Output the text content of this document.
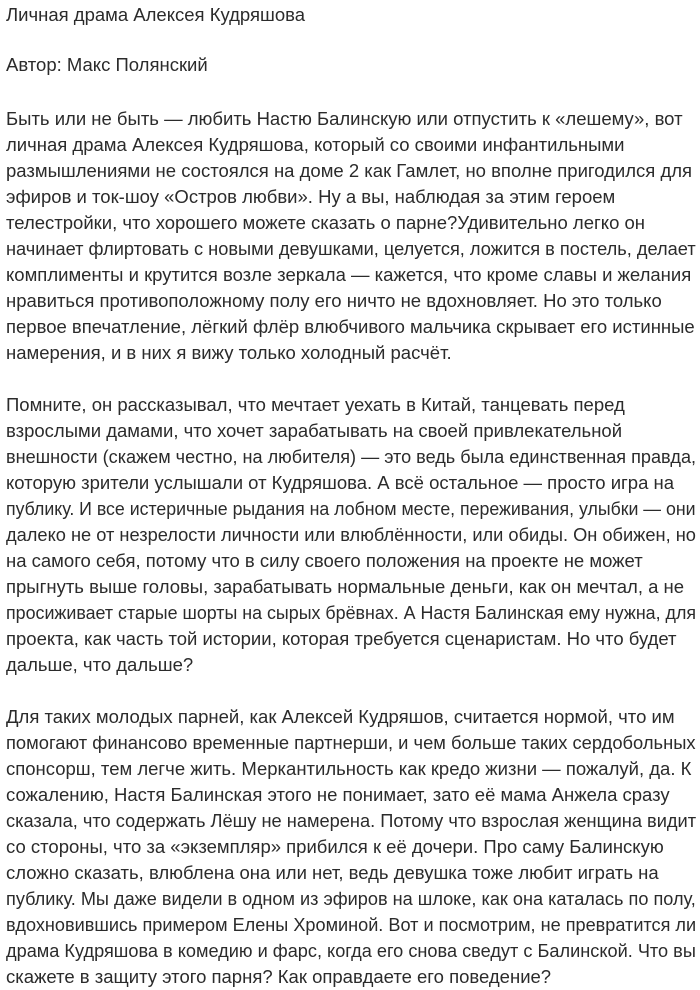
Личная драма Алексея Кудряшова
Автор: Макс Полянский
Быть или не быть — любить Настю Балинскую или отпустить к «лешему», вот
личная драма Алексея Кудряшова, который со своими инфантильными
размышлениями не состоялся на доме 2 как Гамлет, но вполне пригодился для
эфиров и ток-шоу «Остров любви». Ну а вы, наблюдая за этим героем
телестройки, что хорошего можете сказать о парне?Удивительно легко он
начинает флиртовать с новыми девушками, целуется, ложится в постель, делает
комплименты и крутится возле зеркала — кажется, что кроме славы и желания
нравиться противоположному полу его ничто не вдохновляет. Но это только
первое впечатление, лёгкий флёр влюбчивого мальчика скрывает его истинные
намерения, и в них я вижу только холодный расчёт.
Помните, он рассказывал, что мечтает уехать в Китай, танцевать перед
взрослыми дамами, что хочет зарабатывать на своей привлекательной
внешности (скажем честно, на любителя) — это ведь была единственная правда,
которую зрители услышали от Кудряшова. А всё остальное — просто игра на
публику. И все истеричные рыдания на лобном месте, переживания, улыбки — они
далеко не от незрелости личности или влюблённости, или обиды. Он обижен, но
на самого себя, потому что в силу своего положения на проекте не может
прыгнуть выше головы, зарабатывать нормальные деньги, как он мечтал, а не
просиживает старые шорты на сырых брёвнах. А Настя Балинская ему нужна, для
проекта, как часть той истории, которая требуется сценаристам. Но что будет
дальше, что дальше?
Для таких молодых парней, как Алексей Кудряшов, считается нормой, что им
помогают финансово временные партнерши, и чем больше таких сердобольных
спонсорш, тем легче жить. Меркантильность как кредо жизни — пожалуй, да. К
сожалению, Настя Балинская этого не понимает, зато её мама Анжела сразу
сказала, что содержать Лёшу не намерена. Потому что взрослая женщина видит
со стороны, что за «экземпляр» прибился к её дочери. Про саму Балинскую
сложно сказать, влюблена она или нет, ведь девушка тоже любит играть на
публику. Мы даже видели в одном из эфиров на шлоке, как она каталась по полу,
вдохновившись примером Елены Хроминой. Вот и посмотрим, не превратится ли
драма Кудряшова в комедию и фарс, когда его снова сведут с Балинской. Что вы
скажете в защиту этого парня? Как оправдаете его поведение?
